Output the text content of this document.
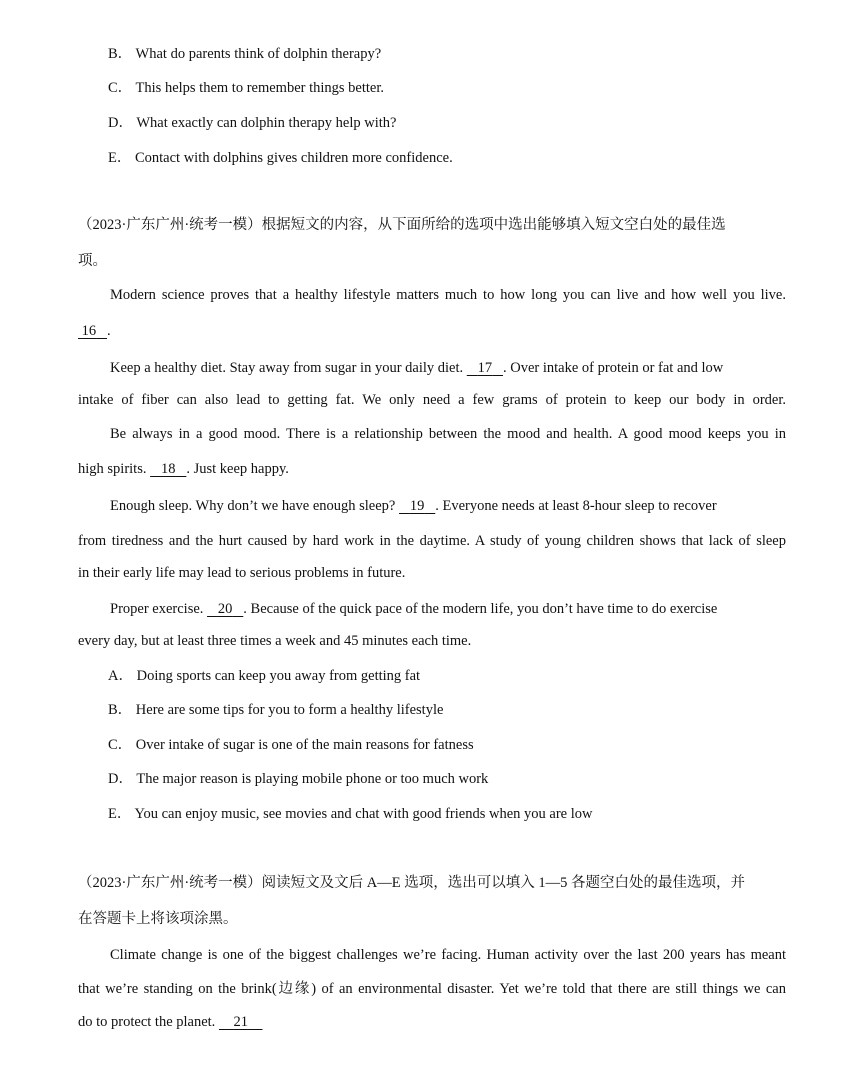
B． What do parents think of dolphin therapy?
C． This helps them to remember things better.
D． What exactly can dolphin therapy help with?
E． Contact with dolphins gives children more confidence.
（2023·广东广州·统考一模）根据短文的内容，从下面所给的选项中选出能够填入短文空白处的最佳选
项。
Modern science proves that a healthy lifestyle matters much to how long you can live and how well you live.
16 .
Keep a healthy diet. Stay away from sugar in your daily diet.    17 . Over intake of protein or fat and low
intake of fiber can also lead to getting fat. We only need a few grams of protein to keep our body in order.
Be always in a good mood. There is a relationship between the mood and health. A good mood keeps you in
high spirits.    18 . Just keep happy.
Enough sleep. Why don’t we have enough sleep?    19 . Everyone needs at least 8-hour sleep to recover
from tiredness and the hurt caused by hard work in the daytime. A study of young children shows that lack of sleep
in their early life may lead to serious problems in future.
Proper exercise.    20 . Because of the quick pace of the modern life, you don’t have time to do exercise
every day, but at least three times a week and 45 minutes each time.
A． Doing sports can keep you away from getting fat
B． Here are some tips for you to form a healthy lifestyle
C． Over intake of sugar is one of the main reasons for fatness
D． The major reason is playing mobile phone or too much work
E． You can enjoy music, see movies and chat with good friends when you are low
（2023·广东广州·统考一模）阅读短文及文后 A—E 选项，选出可以填入 1—5 各题空白处的最佳选项，并
在答题卡上将该项涂黑。
Climate change is one of the biggest challenges we’re facing. Human activity over the last 200 years has meant
that we’re standing on the brink(边缘) of an environmental disaster. Yet we’re told that there are still things we can
do to protect the planet.     21
